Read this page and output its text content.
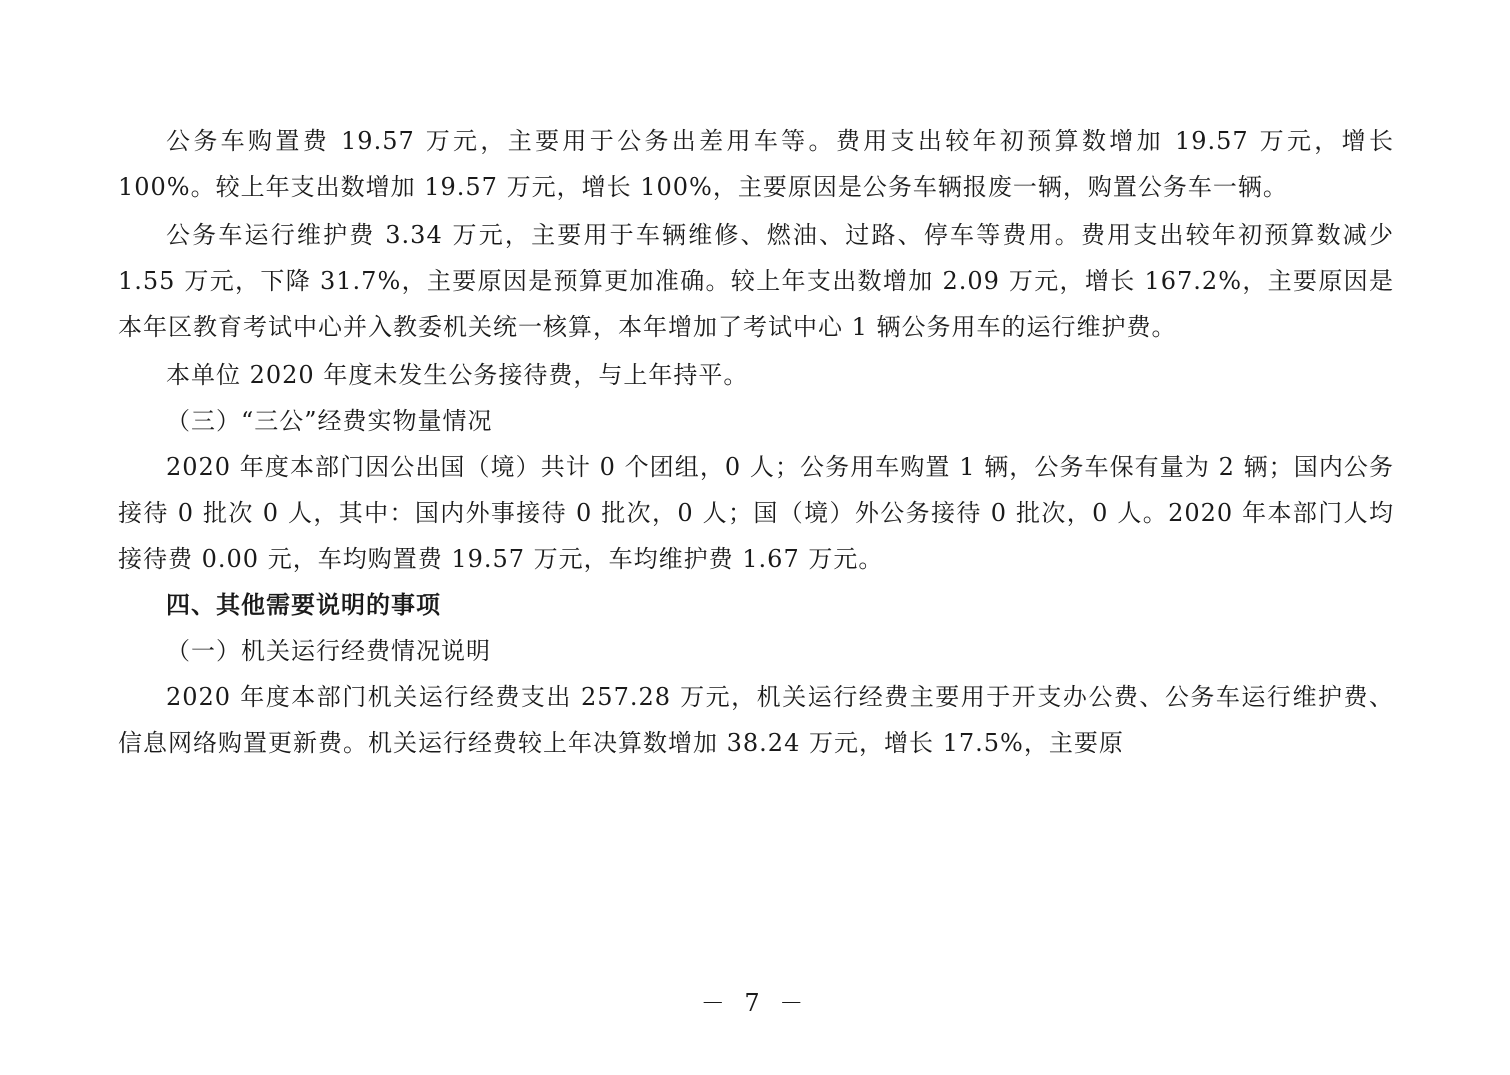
公务车购置费 19.57 万元，主要用于公务出差用车等。费用支出较年初预算数增加 19.57 万元，增长 100%。较上年支出数增加 19.57 万元，增长 100%，主要原因是公务车辆报废一辆，购置公务车一辆。

公务车运行维护费 3.34 万元，主要用于车辆维修、燃油、过路、停车等费用。费用支出较年初预算数减少 1.55 万元，下降 31.7%，主要原因是预算更加准确。较上年支出数增加 2.09 万元，增长 167.2%，主要原因是本年区教育考试中心并入教委机关统一核算，本年增加了考试中心 1 辆公务用车的运行维护费。

本单位 2020 年度未发生公务接待费，与上年持平。

（三）“三公”经费实物量情况

2020 年度本部门因公出国（境）共计 0 个团组，0 人；公务用车购置 1 辆，公务车保有量为 2 辆；国内公务接待 0 批次 0 人，其中：国内外事接待 0 批次，0 人；国（境）外公务接待 0 批次，0 人。2020 年本部门人均接待费 0.00 元，车均购置费 19.57 万元，车均维护费 1.67 万元。

四、其他需要说明的事项

（一）机关运行经费情况说明

2020 年度本部门机关运行经费支出 257.28 万元，机关运行经费主要用于开支办公费、公务车运行维护费、信息网络购置更新费。机关运行经费较上年决算数增加 38.24 万元，增长 17.5%，主要原

－ 7 －
